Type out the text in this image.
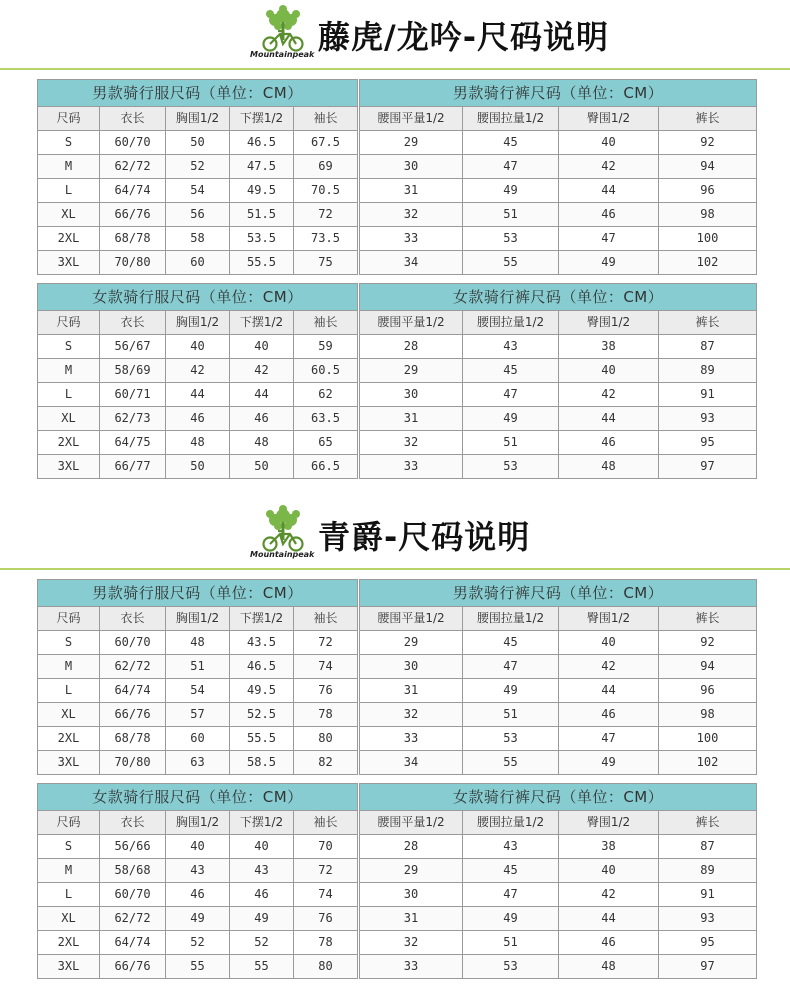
Mountainpeak 藤虎/龙吟-尺码说明
男款骑行服尺码（单位：CM）				
尺码	衣长	胸围1/2	下摆1/2	袖长
S	60/70	50	46.5	67.5
M	62/72	52	47.5	69
L	64/74	54	49.5	70.5
XL	66/76	56	51.5	72
2XL	68/78	58	53.5	73.5
3XL	70/80	60	55.5	75
男款骑行裤尺码（单位：CM）			
腰围平量1/2	腰围拉量1/2	臀围1/2	裤长
29	45	40	92
30	47	42	94
31	49	44	96
32	51	46	98
33	53	47	100
34	55	49	102
女款骑行服尺码（单位：CM）				
尺码	衣长	胸围1/2	下摆1/2	袖长
S	56/67	40	40	59
M	58/69	42	42	60.5
L	60/71	44	44	62
XL	62/73	46	46	63.5
2XL	64/75	48	48	65
3XL	66/77	50	50	66.5
女款骑行裤尺码（单位：CM）			
腰围平量1/2	腰围拉量1/2	臀围1/2	裤长
28	43	38	87
29	45	40	89
30	47	42	91
31	49	44	93
32	51	46	95
33	53	48	97
Mountainpeak 青爵-尺码说明
男款骑行服尺码（单位：CM）				
尺码	衣长	胸围1/2	下摆1/2	袖长
S	60/70	48	43.5	72
M	62/72	51	46.5	74
L	64/74	54	49.5	76
XL	66/76	57	52.5	78
2XL	68/78	60	55.5	80
3XL	70/80	63	58.5	82
男款骑行裤尺码（单位：CM）			
腰围平量1/2	腰围拉量1/2	臀围1/2	裤长
29	45	40	92
30	47	42	94
31	49	44	96
32	51	46	98
33	53	47	100
34	55	49	102
女款骑行服尺码（单位：CM）				
尺码	衣长	胸围1/2	下摆1/2	袖长
S	56/66	40	40	70
M	58/68	43	43	72
L	60/70	46	46	74
XL	62/72	49	49	76
2XL	64/74	52	52	78
3XL	66/76	55	55	80
女款骑行裤尺码（单位：CM）			
腰围平量1/2	腰围拉量1/2	臀围1/2	裤长
28	43	38	87
29	45	40	89
30	47	42	91
31	49	44	93
32	51	46	95
33	53	48	97
